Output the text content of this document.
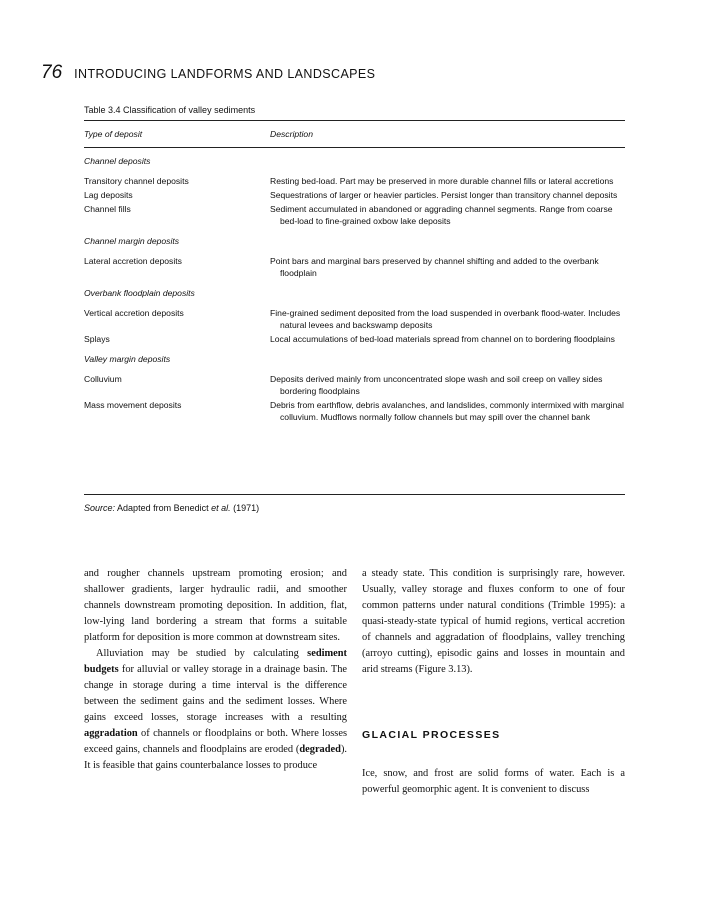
76 INTRODUCING LANDFORMS AND LANDSCAPES
Table 3.4 Classification of valley sediments
Type of deposit	Description
Channel deposits
Transitory channel deposits	Resting bed-load. Part may be preserved in more durable channel fills or lateral accretions
Lag deposits	Sequestrations of larger or heavier particles. Persist longer than transitory channel deposits
Channel fills	Sediment accumulated in abandoned or aggrading channel segments. Range from coarse bed-load to fine-grained oxbow lake deposits
Channel margin deposits
Lateral accretion deposits	Point bars and marginal bars preserved by channel shifting and added to the overbank floodplain
Overbank floodplain deposits
Vertical accretion deposits	Fine-grained sediment deposited from the load suspended in overbank flood-water. Includes natural levees and backswamp deposits
Splays	Local accumulations of bed-load materials spread from channel on to bordering floodplains
Valley margin deposits
Colluvium	Deposits derived mainly from unconcentrated slope wash and soil creep on valley sides bordering floodplains
Mass movement deposits	Debris from earthflow, debris avalanches, and landslides, commonly intermixed with marginal colluvium. Mudflows normally follow channels but may spill over the channel bank
Source: Adapted from Benedict et al. (1971)

and rougher channels upstream promoting erosion; and shallower gradients, larger hydraulic radii, and smoother channels downstream promoting deposition. In addition, flat, low-lying land bordering a stream that forms a suitable platform for deposition is more common at downstream sites.

Alluviation may be studied by calculating sediment budgets for alluvial or valley storage in a drainage basin. The change in storage during a time interval is the difference between the sediment gains and the sediment losses. Where gains exceed losses, storage increases with a resulting aggradation of channels or floodplains or both. Where losses exceed gains, channels and floodplains are eroded (degraded). It is feasible that gains counterbalance losses to produce

a steady state. This condition is surprisingly rare, however. Usually, valley storage and fluxes conform to one of four common patterns under natural conditions (Trimble 1995): a quasi-steady-state typical of humid regions, vertical accretion of channels and aggradation of floodplains, valley trenching (arroyo cutting), episodic gains and losses in mountain and arid streams (Figure 3.13).

GLACIAL PROCESSES

Ice, snow, and frost are solid forms of water. Each is a powerful geomorphic agent. It is convenient to discuss
